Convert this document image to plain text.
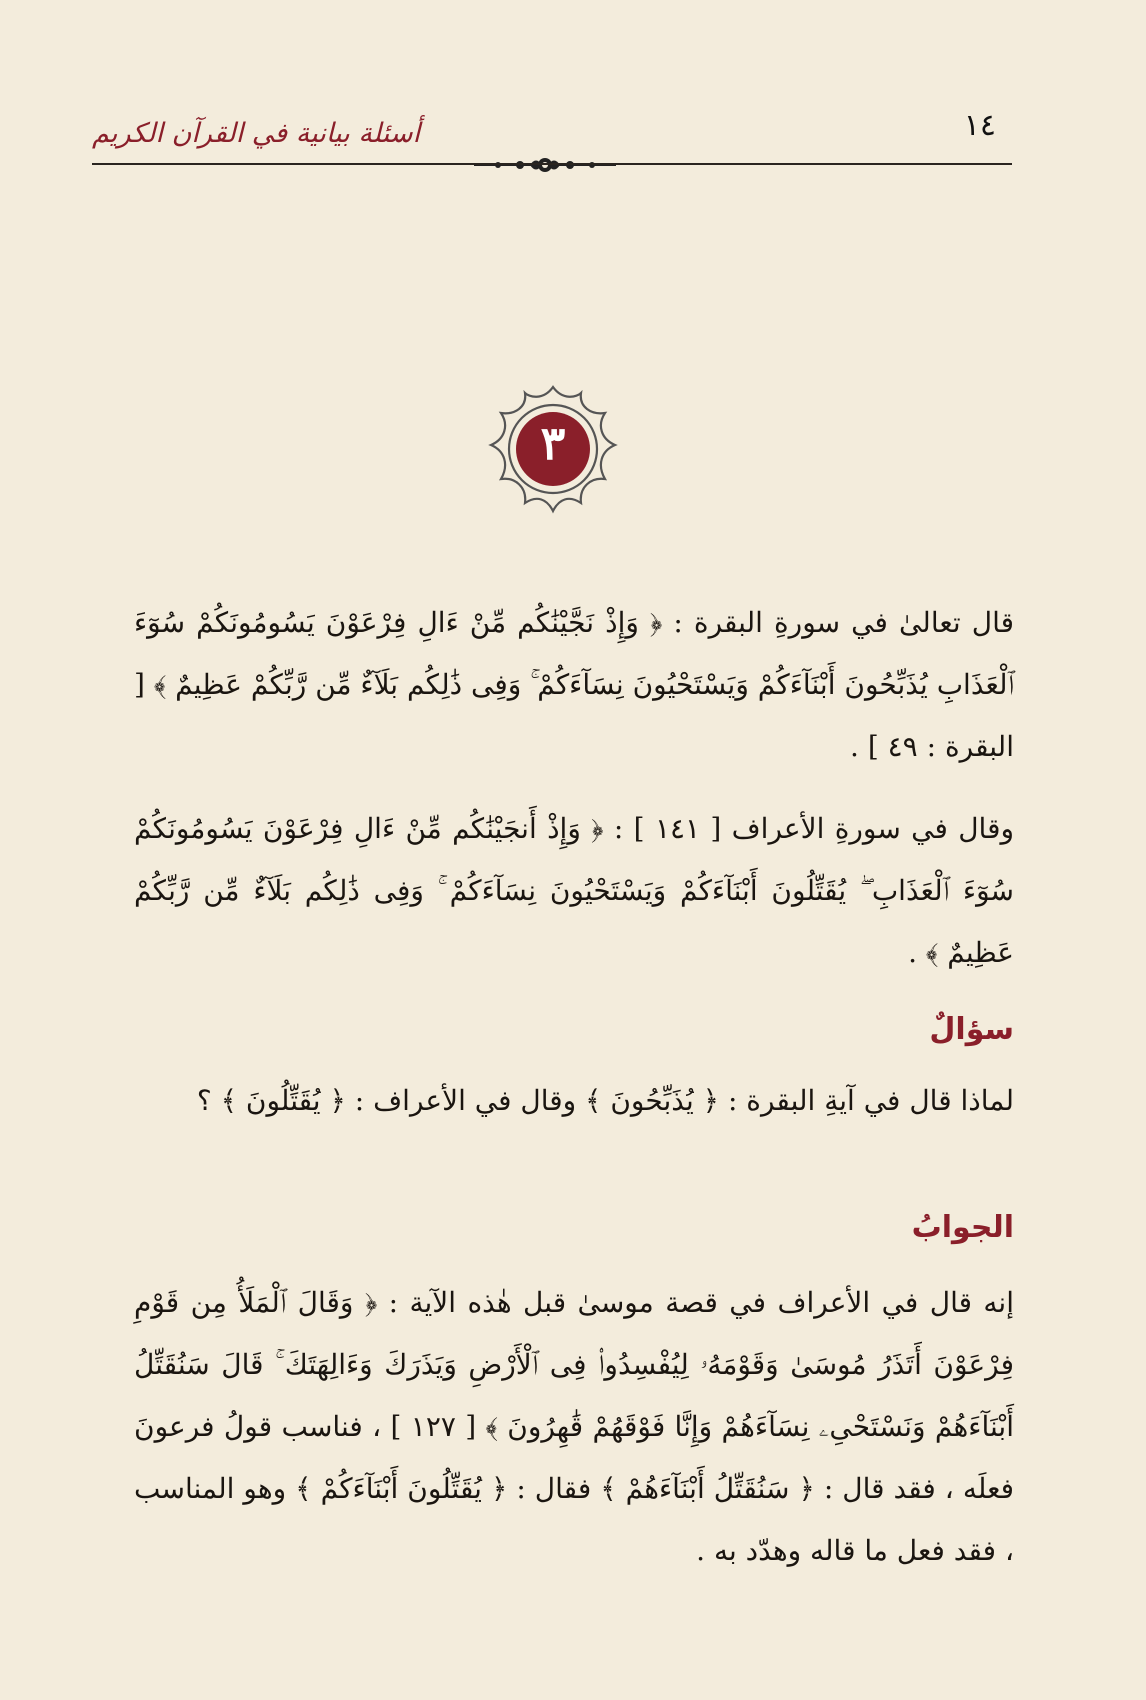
١٤
أسئلة بيانية في القرآن الكريم
٣
قال تعالىٰ في سورةِ البقرة : ﴿ وَإِذْ نَجَّيْنَٰكُم مِّنْ ءَالِ فِرْعَوْنَ يَسُومُونَكُمْ سُوٓءَ ٱلْعَذَابِ يُذَبِّحُونَ أَبْنَآءَكُمْ وَيَسْتَحْيُونَ نِسَآءَكُمْ ۚ وَفِى ذَٰلِكُم بَلَآءٌ مِّن رَّبِّكُمْ عَظِيمٌ ﴾ [ البقرة : ٤٩ ] .
وقال في سورةِ الأعراف [ ١٤١ ] : ﴿ وَإِذْ أَنجَيْنَٰكُم مِّنْ ءَالِ فِرْعَوْنَ يَسُومُونَكُمْ سُوٓءَ ٱلْعَذَابِ ۖ يُقَتِّلُونَ أَبْنَآءَكُمْ وَيَسْتَحْيُونَ نِسَآءَكُمْ ۚ وَفِى ذَٰلِكُم بَلَآءٌ مِّن رَّبِّكُمْ عَظِيمٌ ﴾ .
سؤالٌ
لماذا قال في آيةِ البقرة : ﴿ يُذَبِّحُونَ ﴾ وقال في الأعراف : ﴿ يُقَتِّلُونَ ﴾ ؟
الجوابُ
إنه قال في الأعراف في قصة موسىٰ قبل هٰذه الآية : ﴿ وَقَالَ ٱلْمَلَأُ مِن قَوْمِ فِرْعَوْنَ أَتَذَرُ مُوسَىٰ وَقَوْمَهُۥ لِيُفْسِدُوا۟ فِى ٱلْأَرْضِ وَيَذَرَكَ وَءَالِهَتَكَ ۚ قَالَ سَنُقَتِّلُ أَبْنَآءَهُمْ وَنَسْتَحْىِۦ نِسَآءَهُمْ وَإِنَّا فَوْقَهُمْ قَٰهِرُونَ ﴾ [ ١٢٧ ] ، فناسب قولُ فرعونَ فعلَه ، فقد قال : ﴿ سَنُقَتِّلُ أَبْنَآءَهُمْ ﴾ فقال : ﴿ يُقَتِّلُونَ أَبْنَآءَكُمْ ﴾ وهو المناسب ، فقد فعل ما قاله وهدّد به .
